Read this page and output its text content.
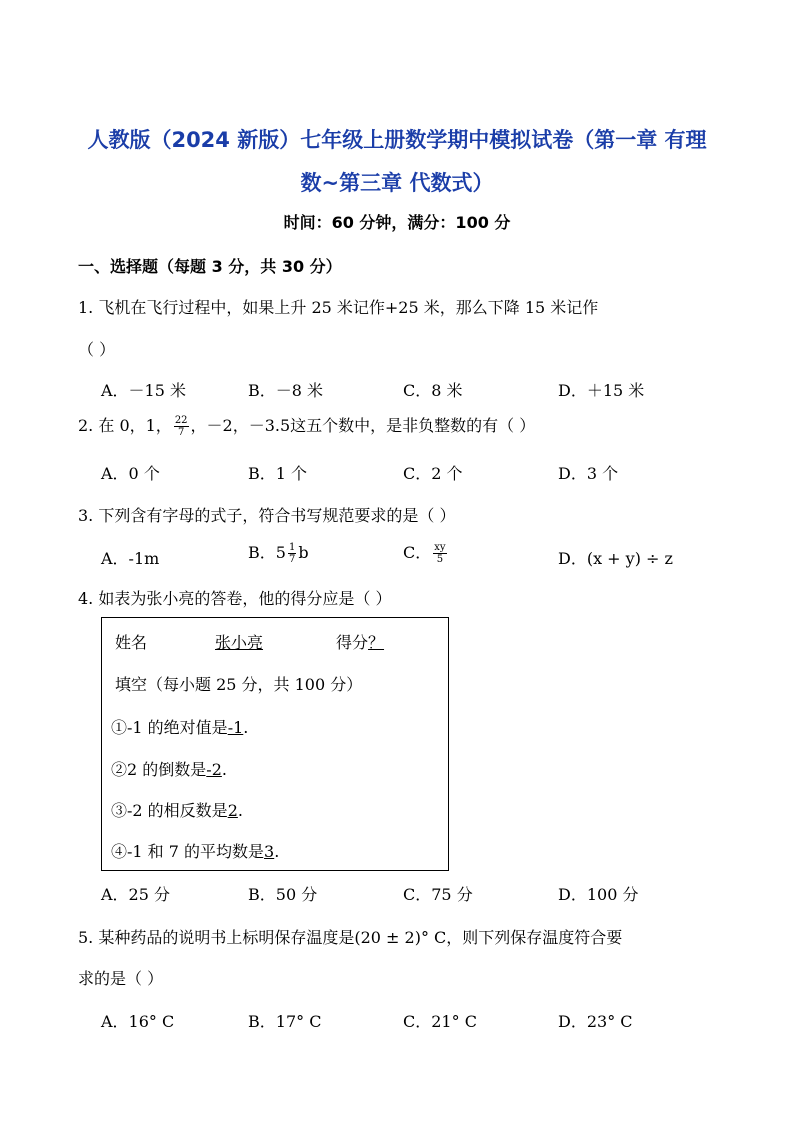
人教版（2024 新版）七年级上册数学期中模拟试卷（第一章 有理
数~第三章 代数式）
时间：60 分钟，满分：100 分
一、选择题（每题 3 分，共 30 分）
1. 飞机在飞行过程中，如果上升 25 米记作+25 米，那么下降 15 米记作
（ ）
A．－15 米	B．－8 米	C．8 米	D．＋15 米
2. 在 0，1， $\frac{22}{7}$ ，－2，－3.5这五个数中，是非负整数的有（ ）
A．0 个	B．1 个	C．2 个	D．3 个
3. 下列含有字母的式子，符合书写规范要求的是（ ）
A．-1m	B．$5 \frac{1}{7}$ b	C． $\frac{xy}{5}$	D．(x + y) ÷ z
4. 如表为张小亮的答卷，他的得分应是（ ）
姓名	张小亮	得分？
填空（每小题 25 分，共 100 分）
①-1 的绝对值是-1.
②2 的倒数是-2.
③-2 的相反数是2.
④-1 和 7 的平均数是3.
A．25 分	B．50 分	C．75 分	D．100 分
5. 某种药品的说明书上标明保存温度是(20 ± 2)° C，则下列保存温度符合要
求的是（ ）
A．16° C	B．17° C	C．21° C	D．23° C
